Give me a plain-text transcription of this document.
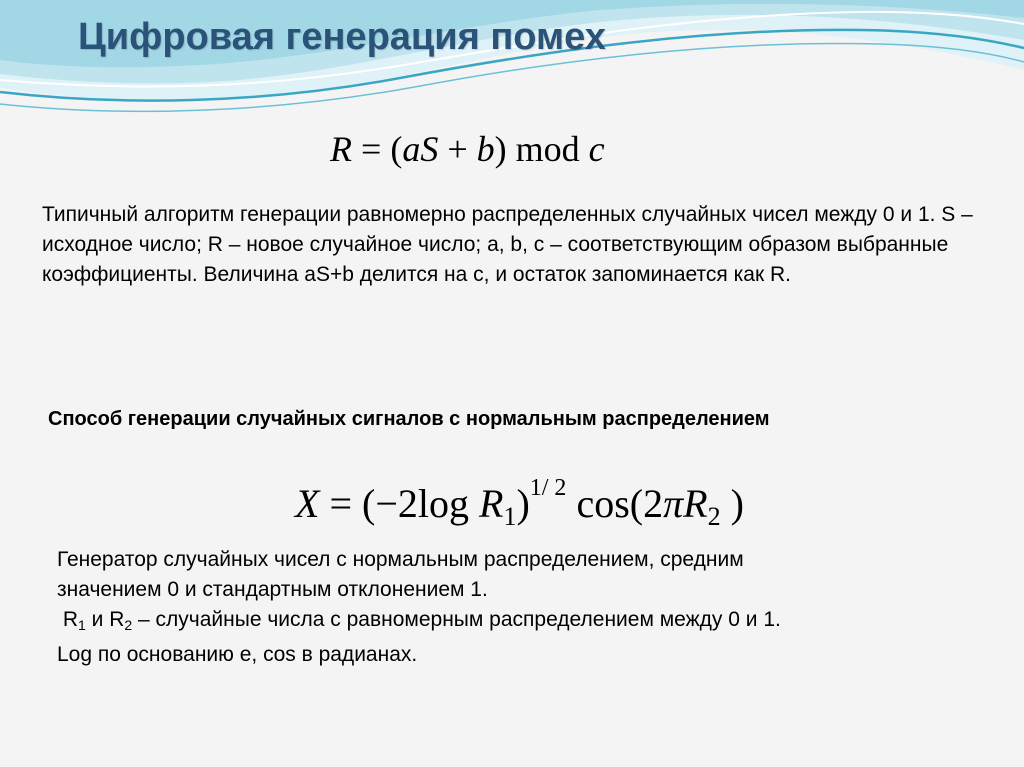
Цифровая генерация помех
R = (aS + b) mod c
Типичный алгоритм генерации равномерно распределенных случайных чисел между 0 и 1. S – исходное число; R – новое случайное число; a, b, c – соответствующим образом выбранные коэффициенты. Величина aS+b делится на c, и остаток запоминается как R.
Способ генерации случайных сигналов с нормальным распределением
X = (−2log $R_1)^{1/ 2}$ $\cos(2\pi R_2$ )
Генератор случайных чисел с нормальным распределением, средним
значением 0 и стандартным отклонением 1.
$R_1$ и $R_2$ – случайные числа с равномерным распределением между 0 и 1.
Log по основанию e, cos в радианах.
